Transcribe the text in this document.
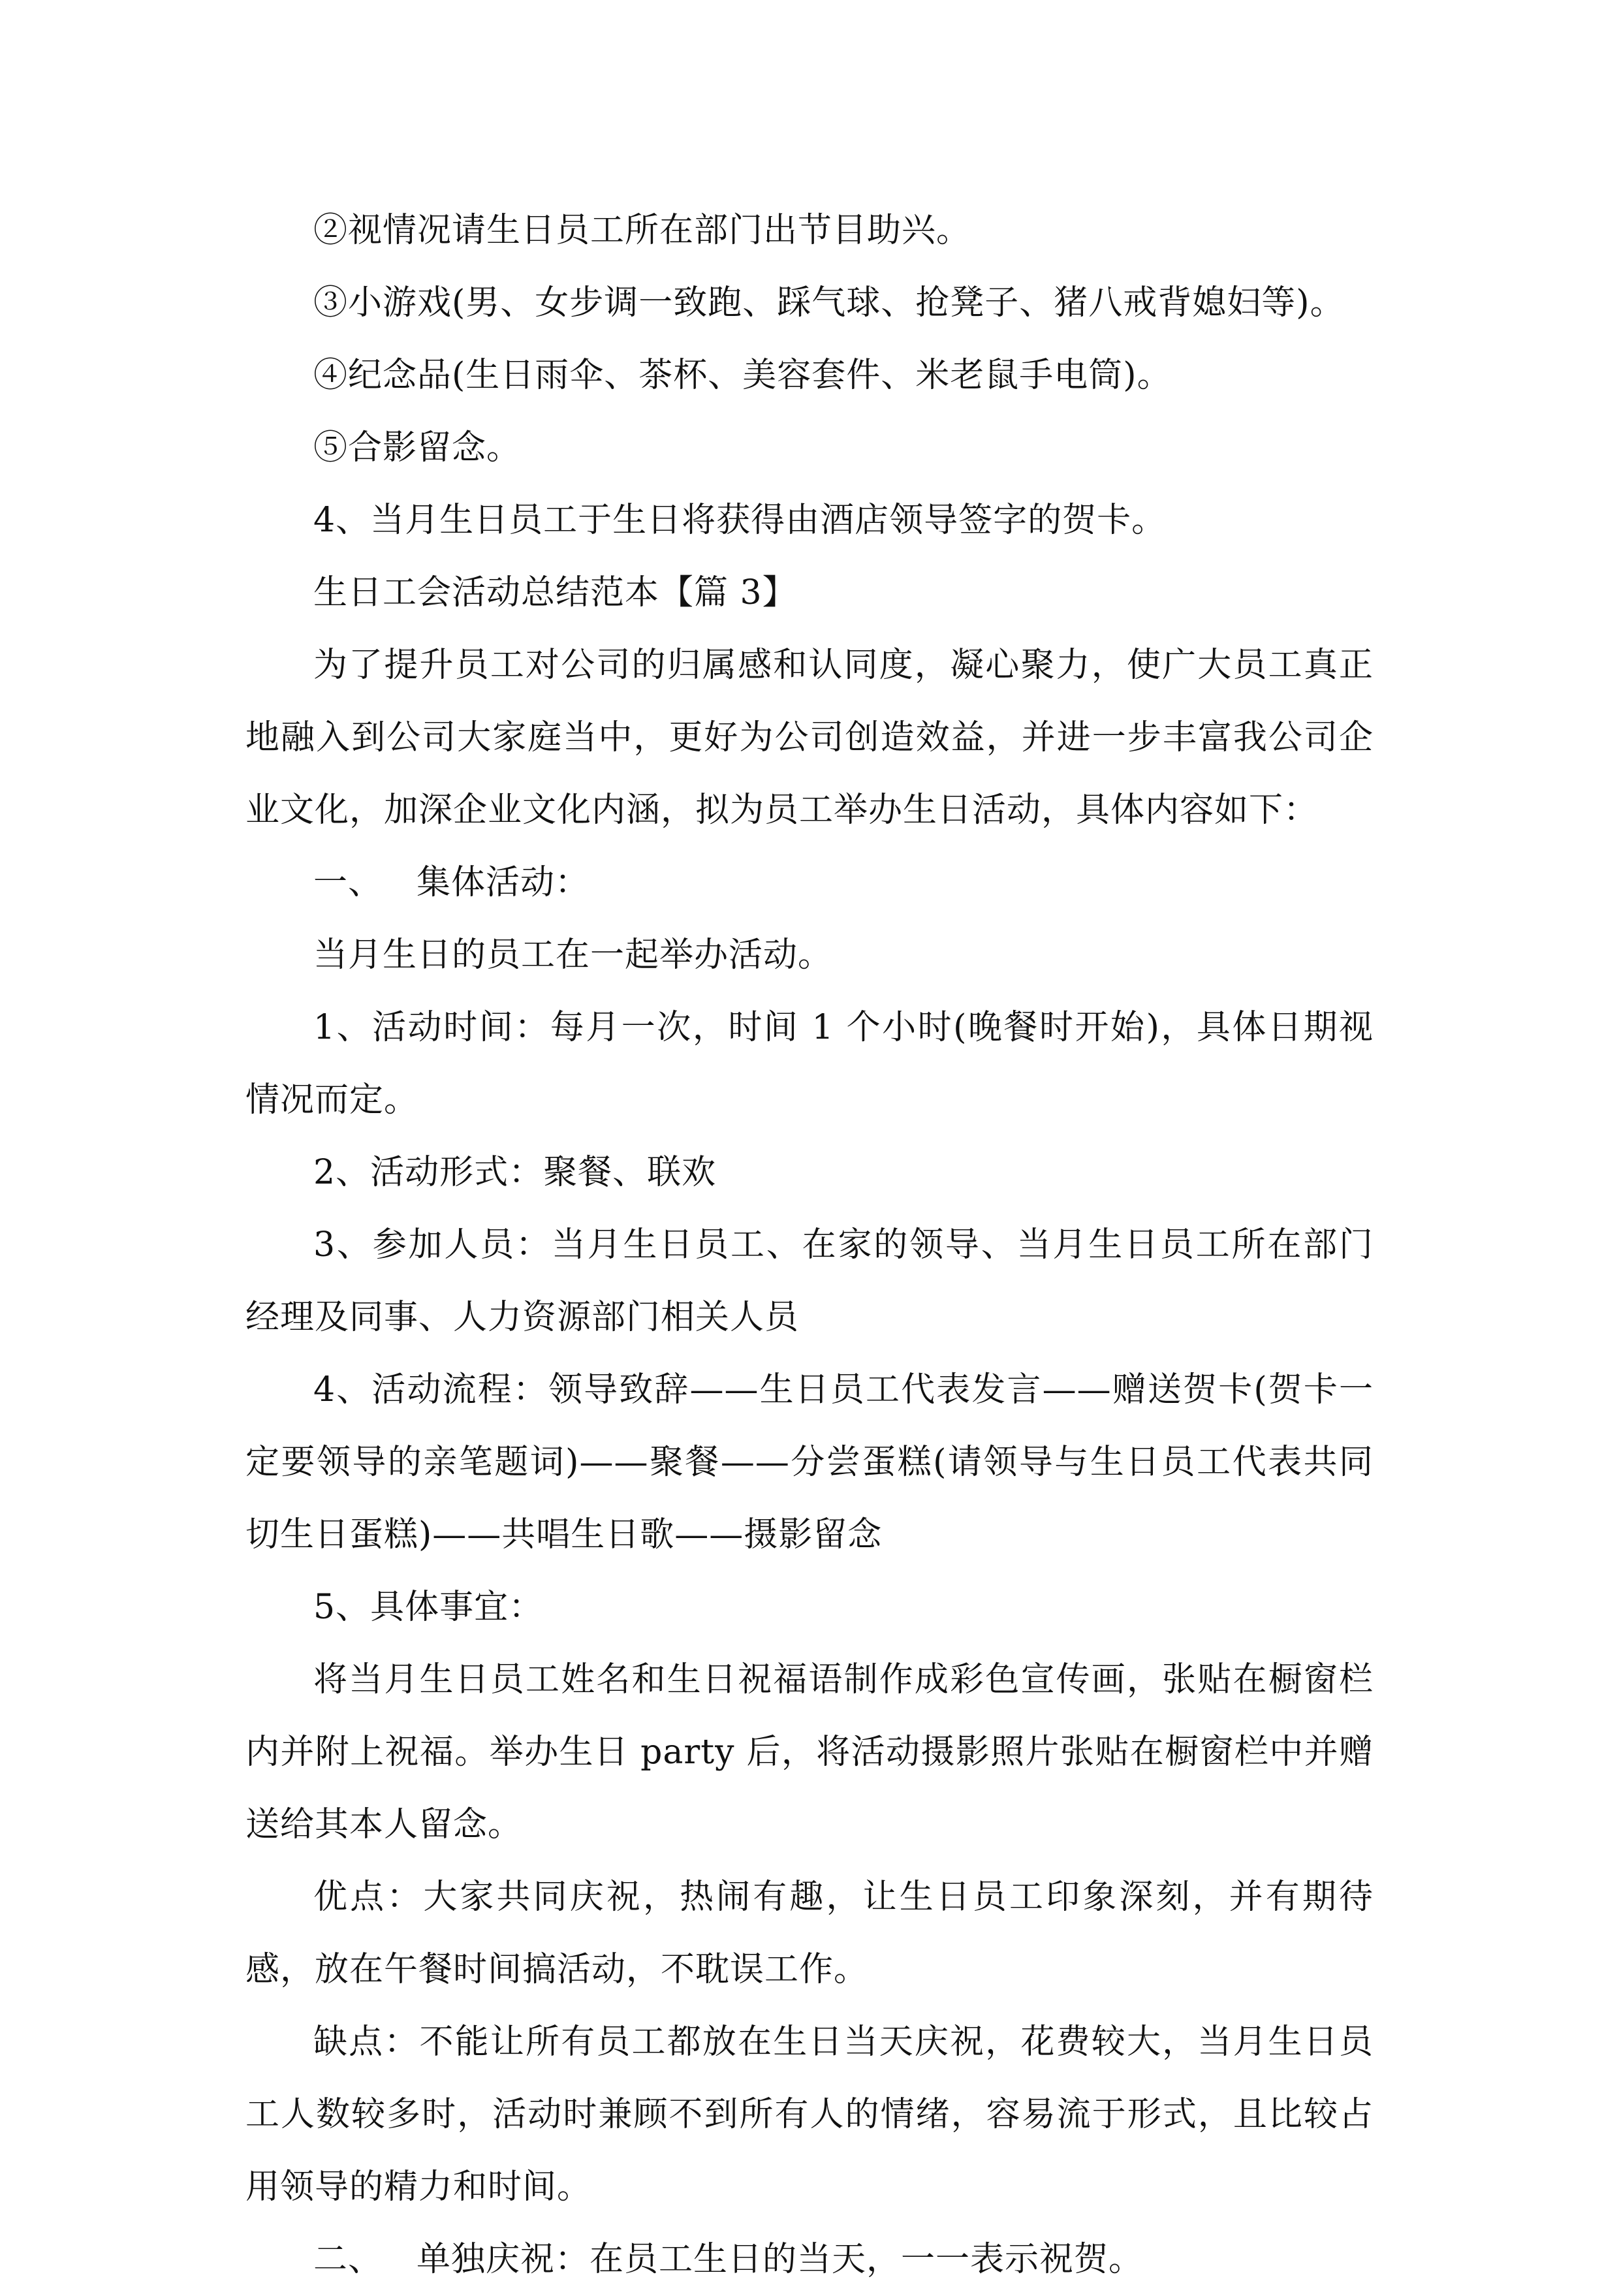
②视情况请生日员工所在部门出节目助兴。

③小游戏(男、女步调一致跑、踩气球、抢凳子、猪八戒背媳妇等)。

④纪念品(生日雨伞、茶杯、美容套件、米老鼠手电筒)。

⑤合影留念。

4、当月生日员工于生日将获得由酒店领导签字的贺卡。

生日工会活动总结范本【篇 3】

为了提升员工对公司的归属感和认同度，凝心聚力，使广大员工真正地融入到公司大家庭当中，更好为公司创造效益，并进一步丰富我公司企业文化，加深企业文化内涵，拟为员工举办生日活动，具体内容如下：

一、 集体活动：

当月生日的员工在一起举办活动。

1、活动时间：每月一次，时间 1 个小时(晚餐时开始)，具体日期视情况而定。

2、活动形式：聚餐、联欢

3、参加人员：当月生日员工、在家的领导、当月生日员工所在部门经理及同事、人力资源部门相关人员

4、活动流程：领导致辞——生日员工代表发言——赠送贺卡(贺卡一定要领导的亲笔题词)——聚餐——分尝蛋糕(请领导与生日员工代表共同切生日蛋糕)——共唱生日歌——摄影留念

5、具体事宜：

将当月生日员工姓名和生日祝福语制作成彩色宣传画，张贴在橱窗栏内并附上祝福。举办生日 party 后，将活动摄影照片张贴在橱窗栏中并赠送给其本人留念。

优点：大家共同庆祝，热闹有趣，让生日员工印象深刻，并有期待感，放在午餐时间搞活动，不耽误工作。

缺点：不能让所有员工都放在生日当天庆祝，花费较大，当月生日员工人数较多时，活动时兼顾不到所有人的情绪，容易流于形式，且比较占用领导的精力和时间。

二、 单独庆祝：在员工生日的当天，一一表示祝贺。
